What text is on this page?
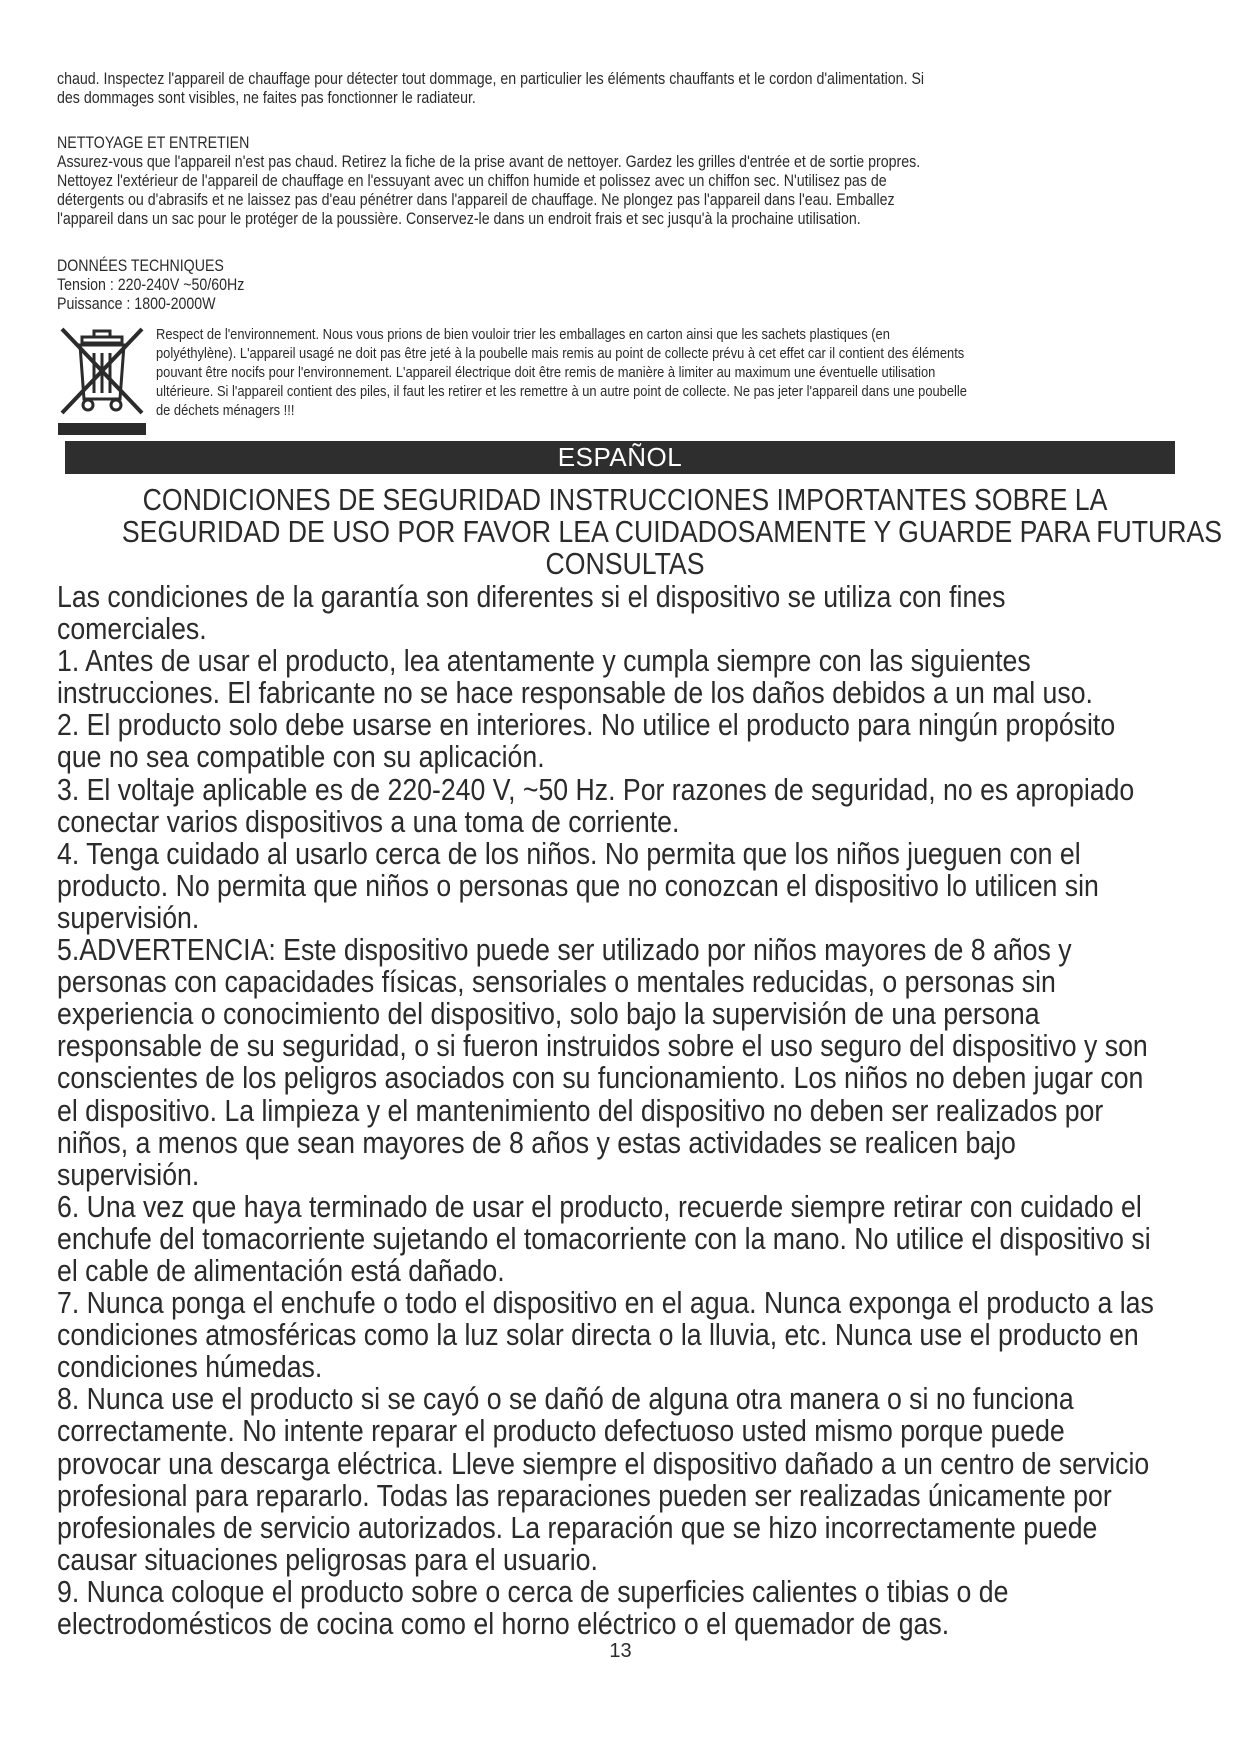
chaud. Inspectez l'appareil de chauffage pour détecter tout dommage, en particulier les éléments chauffants et le cordon d'alimentation. Si
des dommages sont visibles, ne faites pas fonctionner le radiateur.
NETTOYAGE ET ENTRETIEN
Assurez-vous que l'appareil n'est pas chaud. Retirez la fiche de la prise avant de nettoyer. Gardez les grilles d'entrée et de sortie propres.
Nettoyez l'extérieur de l'appareil de chauffage en l'essuyant avec un chiffon humide et polissez avec un chiffon sec. N'utilisez pas de
détergents ou d'abrasifs et ne laissez pas d'eau pénétrer dans l'appareil de chauffage. Ne plongez pas l'appareil dans l'eau. Emballez
l'appareil dans un sac pour le protéger de la poussière. Conservez-le dans un endroit frais et sec jusqu'à la prochaine utilisation.
DONNÉES TECHNIQUES
Tension : 220-240V ~50/60Hz
Puissance : 1800-2000W
Respect de l'environnement. Nous vous prions de bien vouloir trier les emballages en carton ainsi que les sachets plastiques (en
polyéthylène). L'appareil usagé ne doit pas être jeté à la poubelle mais remis au point de collecte prévu à cet effet car il contient des éléments
pouvant être nocifs pour l'environnement. L'appareil électrique doit être remis de manière à limiter au maximum une éventuelle utilisation
ultérieure. Si l'appareil contient des piles, il faut les retirer et les remettre à un autre point de collecte. Ne pas jeter l'appareil dans une poubelle
de déchets ménagers !!!
ESPAÑOL
CONDICIONES DE SEGURIDAD INSTRUCCIONES IMPORTANTES SOBRE LA
SEGURIDAD DE USO POR FAVOR LEA CUIDADOSAMENTE Y GUARDE PARA FUTURAS
CONSULTAS
Las condiciones de la garantía son diferentes si el dispositivo se utiliza con fines
comerciales.
1. Antes de usar el producto, lea atentamente y cumpla siempre con las siguientes
instrucciones. El fabricante no se hace responsable de los daños debidos a un mal uso.
2. El producto solo debe usarse en interiores. No utilice el producto para ningún propósito
que no sea compatible con su aplicación.
3. El voltaje aplicable es de 220-240 V, ~50 Hz. Por razones de seguridad, no es apropiado
conectar varios dispositivos a una toma de corriente.
4. Tenga cuidado al usarlo cerca de los niños. No permita que los niños jueguen con el
producto. No permita que niños o personas que no conozcan el dispositivo lo utilicen sin
supervisión.
5.ADVERTENCIA: Este dispositivo puede ser utilizado por niños mayores de 8 años y
personas con capacidades físicas, sensoriales o mentales reducidas, o personas sin
experiencia o conocimiento del dispositivo, solo bajo la supervisión de una persona
responsable de su seguridad, o si fueron instruidos sobre el uso seguro del dispositivo y son
conscientes de los peligros asociados con su funcionamiento. Los niños no deben jugar con
el dispositivo. La limpieza y el mantenimiento del dispositivo no deben ser realizados por
niños, a menos que sean mayores de 8 años y estas actividades se realicen bajo
supervisión.
6. Una vez que haya terminado de usar el producto, recuerde siempre retirar con cuidado el
enchufe del tomacorriente sujetando el tomacorriente con la mano. No utilice el dispositivo si
el cable de alimentación está dañado.
7. Nunca ponga el enchufe o todo el dispositivo en el agua. Nunca exponga el producto a las
condiciones atmosféricas como la luz solar directa o la lluvia, etc. Nunca use el producto en
condiciones húmedas.
8. Nunca use el producto si se cayó o se dañó de alguna otra manera o si no funciona
correctamente. No intente reparar el producto defectuoso usted mismo porque puede
provocar una descarga eléctrica. Lleve siempre el dispositivo dañado a un centro de servicio
profesional para repararlo. Todas las reparaciones pueden ser realizadas únicamente por
profesionales de servicio autorizados. La reparación que se hizo incorrectamente puede
causar situaciones peligrosas para el usuario.
9. Nunca coloque el producto sobre o cerca de superficies calientes o tibias o de
electrodomésticos de cocina como el horno eléctrico o el quemador de gas.
13
